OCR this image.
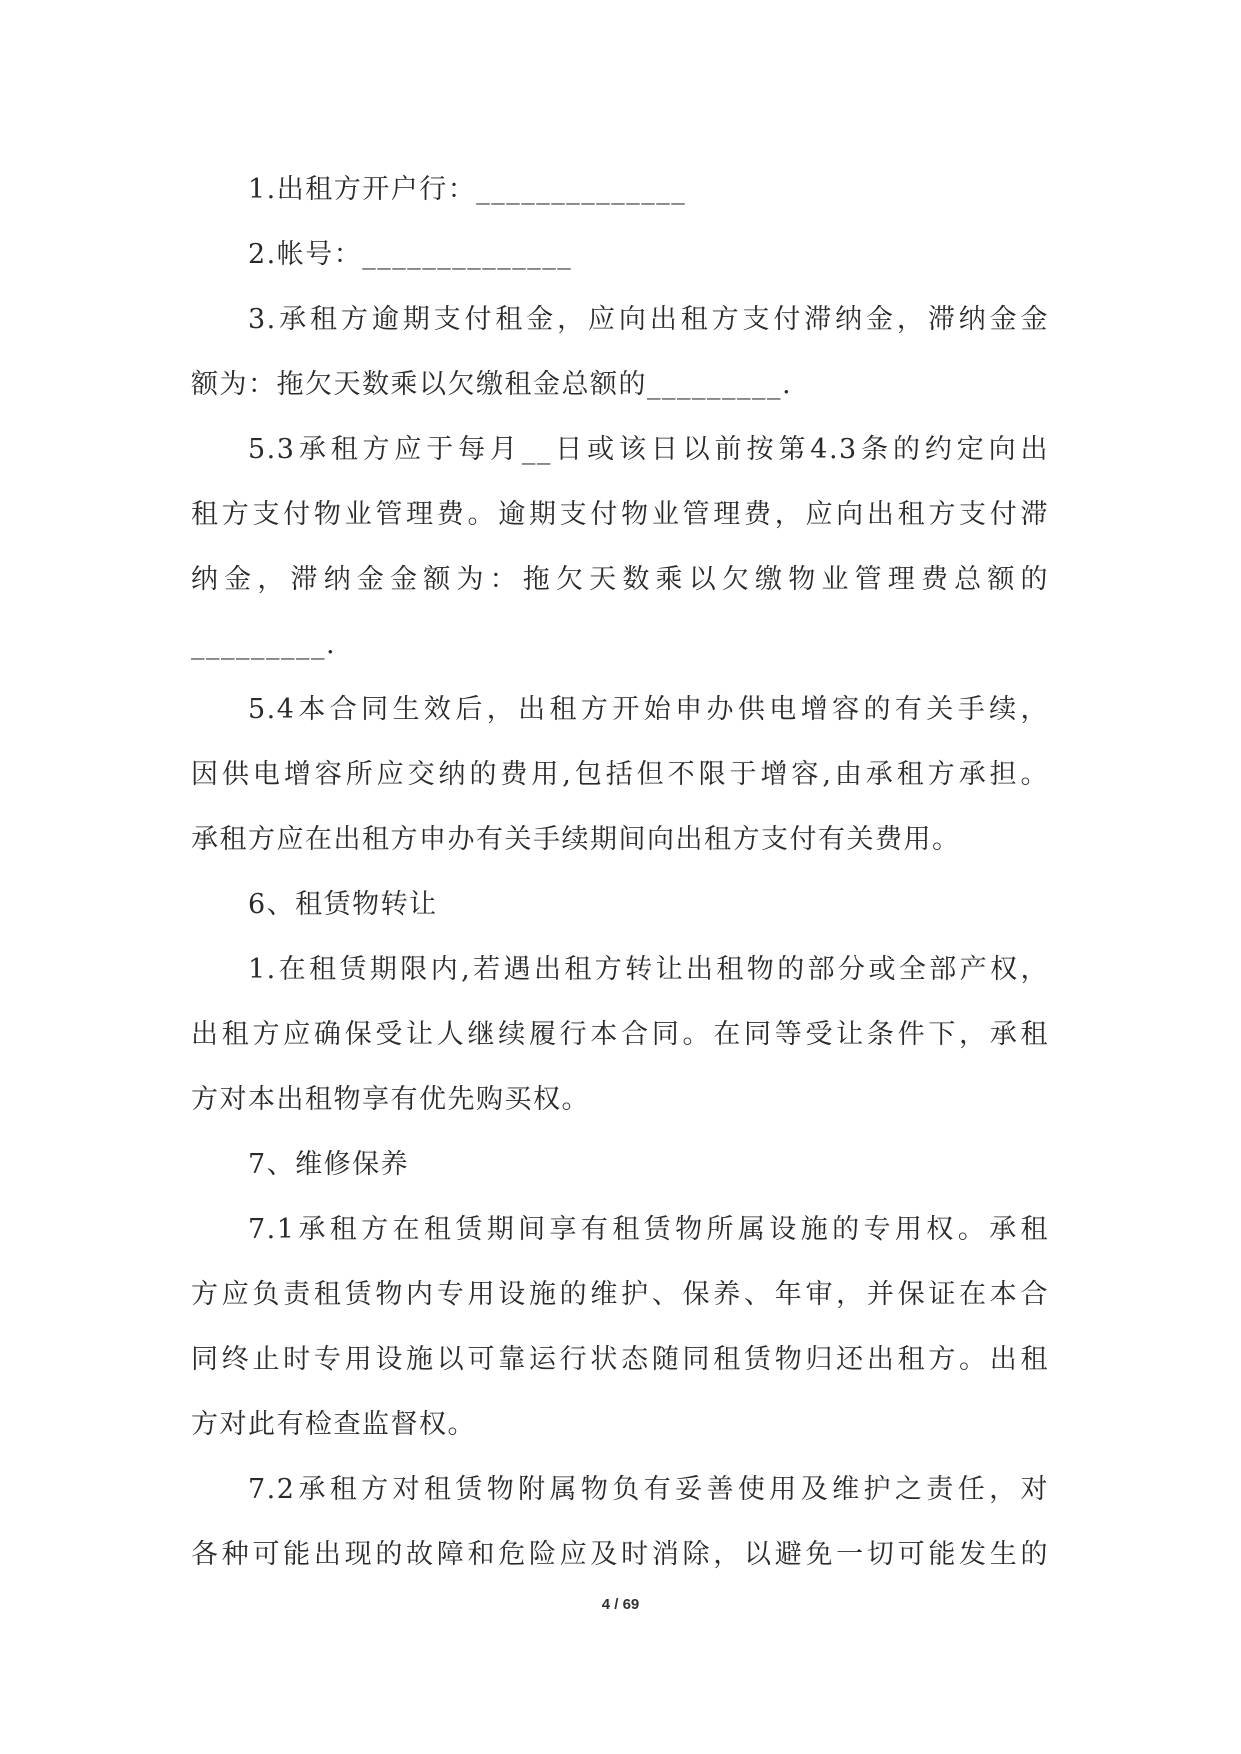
1.出租方开户行：______________
2.帐号：______________
3.承租方逾期支付租金，应向出租方支付滞纳金，滞纳金金
额为：拖欠天数乘以欠缴租金总额的_________.
5.3承租方应于每月__日或该日以前按第4.3条的约定向出
租方支付物业管理费。逾期支付物业管理费，应向出租方支付滞
纳金，滞纳金金额为：拖欠天数乘以欠缴物业管理费总额的
_________.
5.4本合同生效后，出租方开始申办供电增容的有关手续，
因供电增容所应交纳的费用,包括但不限于增容,由承租方承担。
承租方应在出租方申办有关手续期间向出租方支付有关费用。
6、租赁物转让
1.在租赁期限内,若遇出租方转让出租物的部分或全部产权，
出租方应确保受让人继续履行本合同。在同等受让条件下，承租
方对本出租物享有优先购买权。
7、维修保养
7.1承租方在租赁期间享有租赁物所属设施的专用权。承租
方应负责租赁物内专用设施的维护、保养、年审，并保证在本合
同终止时专用设施以可靠运行状态随同租赁物归还出租方。出租
方对此有检查监督权。
7.2承租方对租赁物附属物负有妥善使用及维护之责任，对
各种可能出现的故障和危险应及时消除，以避免一切可能发生的
4 / 69
